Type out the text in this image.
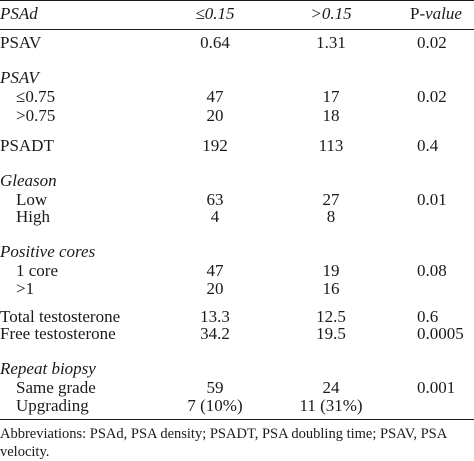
PSAd	≤0.15	>0.15	P-value
PSAV	0.64	1.31	0.02
PSAV
≤0.75	47	17	0.02
>0.75	20	18
PSADT	192	113	0.4
Gleason
Low	63	27	0.01
High	4	8
Positive cores
1 core	47	19	0.08
>1	20	16
Total testosterone	13.3	12.5	0.6
Free testosterone	34.2	19.5	0.0005
Repeat biopsy
Same grade	59	24	0.001
Upgrading	7 (10%)	11 (31%)
Abbreviations: PSAd, PSA density; PSADT, PSA doubling time; PSAV, PSA velocity.
